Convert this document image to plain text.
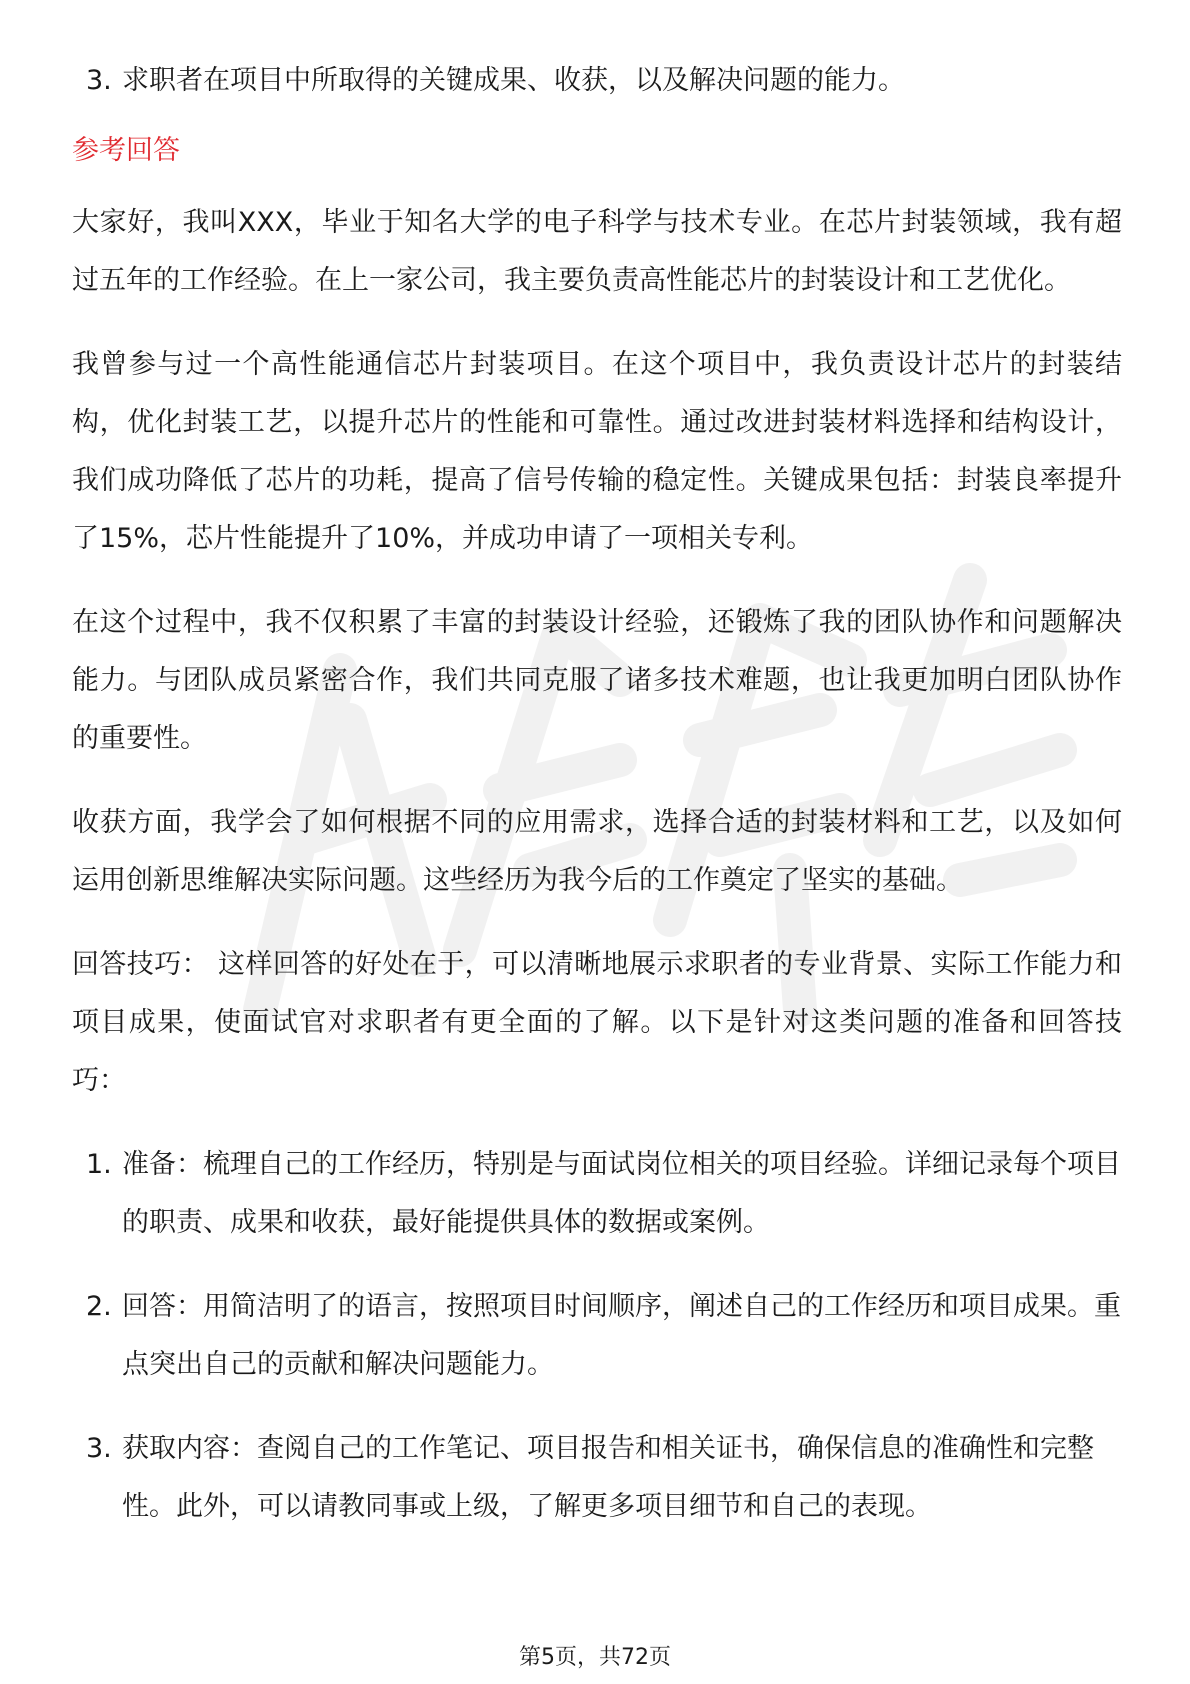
3. 求职者在项目中所取得的关键成果、收获，以及解决问题的能力。
参考回答

大家好，我叫XXX，毕业于知名大学的电子科学与技术专业。在芯片封装领域，我有超过五年的工作经验。在上一家公司，我主要负责高性能芯片的封装设计和工艺优化。

我曾参与过一个高性能通信芯片封装项目。在这个项目中，我负责设计芯片的封装结构，优化封装工艺，以提升芯片的性能和可靠性。通过改进封装材料选择和结构设计，我们成功降低了芯片的功耗，提高了信号传输的稳定性。关键成果包括：封装良率提升了15%，芯片性能提升了10%，并成功申请了一项相关专利。

在这个过程中，我不仅积累了丰富的封装设计经验，还锻炼了我的团队协作和问题解决能力。与团队成员紧密合作，我们共同克服了诸多技术难题，也让我更加明白团队协作的重要性。

收获方面，我学会了如何根据不同的应用需求，选择合适的封装材料和工艺，以及如何运用创新思维解决实际问题。这些经历为我今后的工作奠定了坚实的基础。

回答技巧： 这样回答的好处在于，可以清晰地展示求职者的专业背景、实际工作能力和项目成果，使面试官对求职者有更全面的了解。以下是针对这类问题的准备和回答技巧：

1. 准备：梳理自己的工作经历，特别是与面试岗位相关的项目经验。详细记录每个项目的职责、成果和收获，最好能提供具体的数据或案例。
2. 回答：用简洁明了的语言，按照项目时间顺序，阐述自己的工作经历和项目成果。重点突出自己的贡献和解决问题能力。
3. 获取内容：查阅自己的工作笔记、项目报告和相关证书，确保信息的准确性和完整性。此外，可以请教同事或上级，了解更多项目细节和自己的表现。
第5页，共72页
